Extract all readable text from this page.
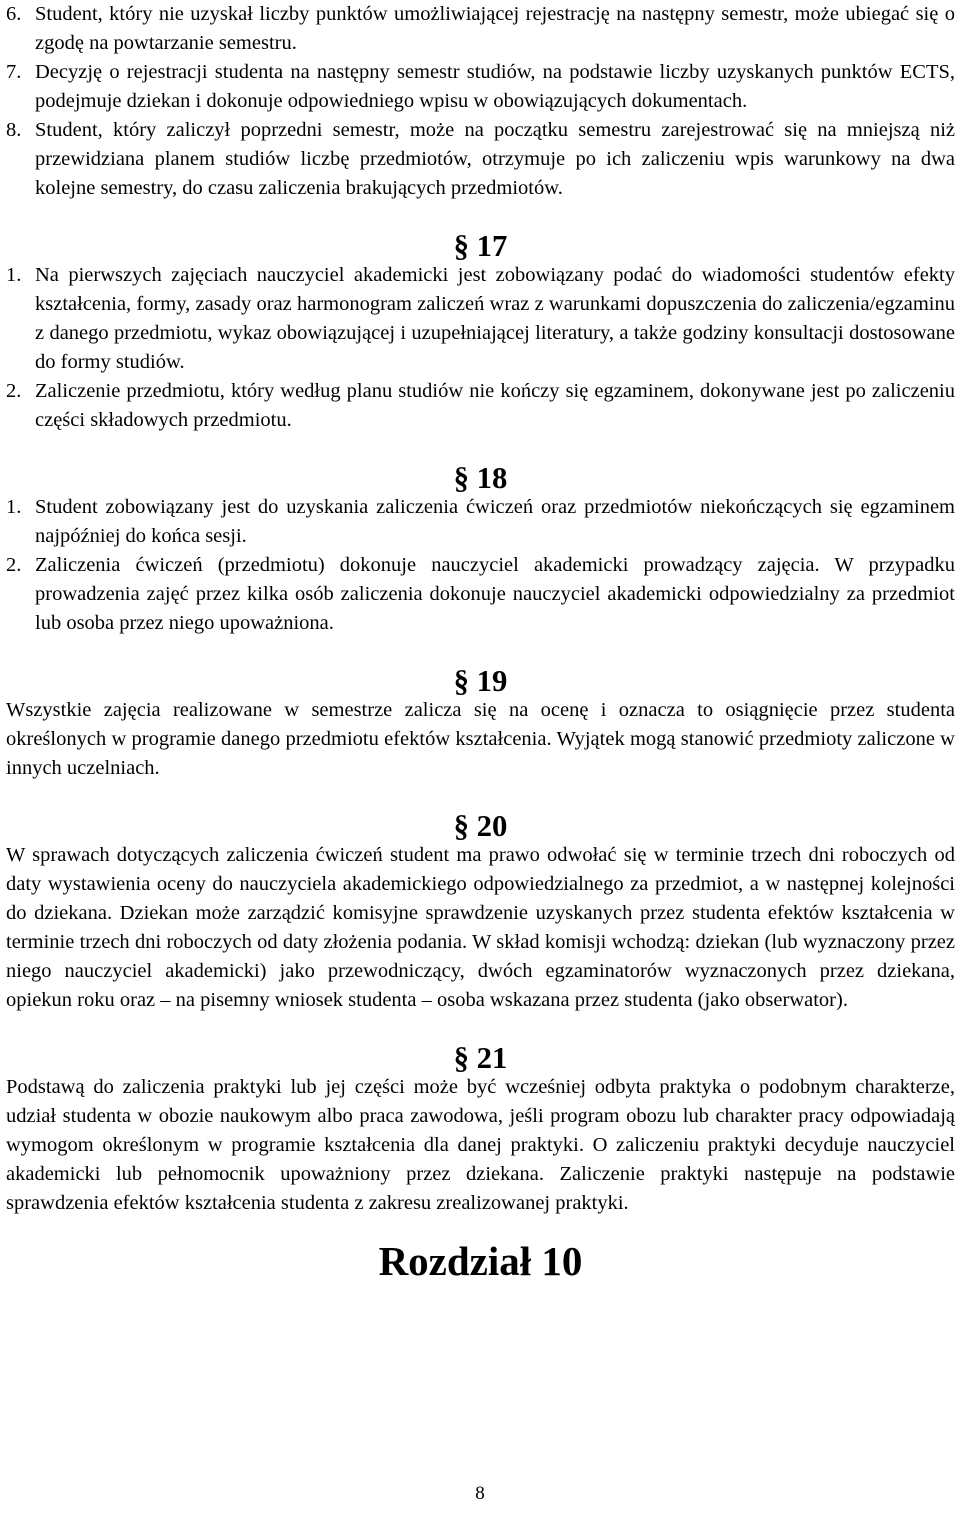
6. Student, który nie uzyskał liczby punktów umożliwiającej rejestrację na następny semestr, może ubiegać się o zgodę na powtarzanie semestru.
7. Decyzję o rejestracji studenta na następny semestr studiów, na podstawie liczby uzyskanych punktów ECTS, podejmuje dziekan i dokonuje odpowiedniego wpisu w obowiązujących dokumentach.
8. Student, który zaliczył poprzedni semestr, może na początku semestru zarejestrować się na mniejszą niż przewidziana planem studiów liczbę przedmiotów, otrzymuje po ich zaliczeniu wpis warunkowy na dwa kolejne semestry, do czasu zaliczenia brakujących przedmiotów.
§ 17
1. Na pierwszych zajęciach nauczyciel akademicki jest zobowiązany podać do wiadomości studentów efekty kształcenia, formy, zasady oraz harmonogram zaliczeń wraz z warunkami dopuszczenia do zaliczenia/egzaminu z danego przedmiotu, wykaz obowiązującej i uzupełniającej literatury, a także godziny konsultacji dostosowane do formy studiów.
2. Zaliczenie przedmiotu, który według planu studiów nie kończy się egzaminem, dokonywane jest po zaliczeniu części składowych przedmiotu.
§ 18
1. Student zobowiązany jest do uzyskania zaliczenia ćwiczeń oraz przedmiotów niekończących się egzaminem najpóźniej do końca sesji.
2. Zaliczenia ćwiczeń (przedmiotu) dokonuje nauczyciel akademicki prowadzący zajęcia. W przypadku prowadzenia zajęć przez kilka osób zaliczenia dokonuje nauczyciel akademicki odpowiedzialny za przedmiot lub osoba przez niego upoważniona.
§ 19

Wszystkie zajęcia realizowane w semestrze zalicza się na ocenę i oznacza to osiągnięcie przez studenta określonych w programie danego przedmiotu efektów kształcenia. Wyjątek mogą stanowić przedmioty zaliczone w innych uczelniach.

§ 20

W sprawach dotyczących zaliczenia ćwiczeń student ma prawo odwołać się w terminie trzech dni roboczych od daty wystawienia oceny do nauczyciela akademickiego odpowiedzialnego za przedmiot, a w następnej kolejności do dziekana. Dziekan może zarządzić komisyjne sprawdzenie uzyskanych przez studenta efektów kształcenia w terminie trzech dni roboczych od daty złożenia podania. W skład komisji wchodzą: dziekan (lub wyznaczony przez niego nauczyciel akademicki) jako przewodniczący, dwóch egzaminatorów wyznaczonych przez dziekana, opiekun roku oraz – na pisemny wniosek studenta – osoba wskazana przez studenta (jako obserwator).

§ 21

Podstawą do zaliczenia praktyki lub jej części może być wcześniej odbyta praktyka o podobnym charakterze, udział studenta w obozie naukowym albo praca zawodowa, jeśli program obozu lub charakter pracy odpowiadają wymogom określonym w programie kształcenia dla danej praktyki. O zaliczeniu praktyki decyduje nauczyciel akademicki lub pełnomocnik upoważniony przez dziekana. Zaliczenie praktyki następuje na podstawie sprawdzenia efektów kształcenia studenta z zakresu zrealizowanej praktyki.

Rozdział 10
8
